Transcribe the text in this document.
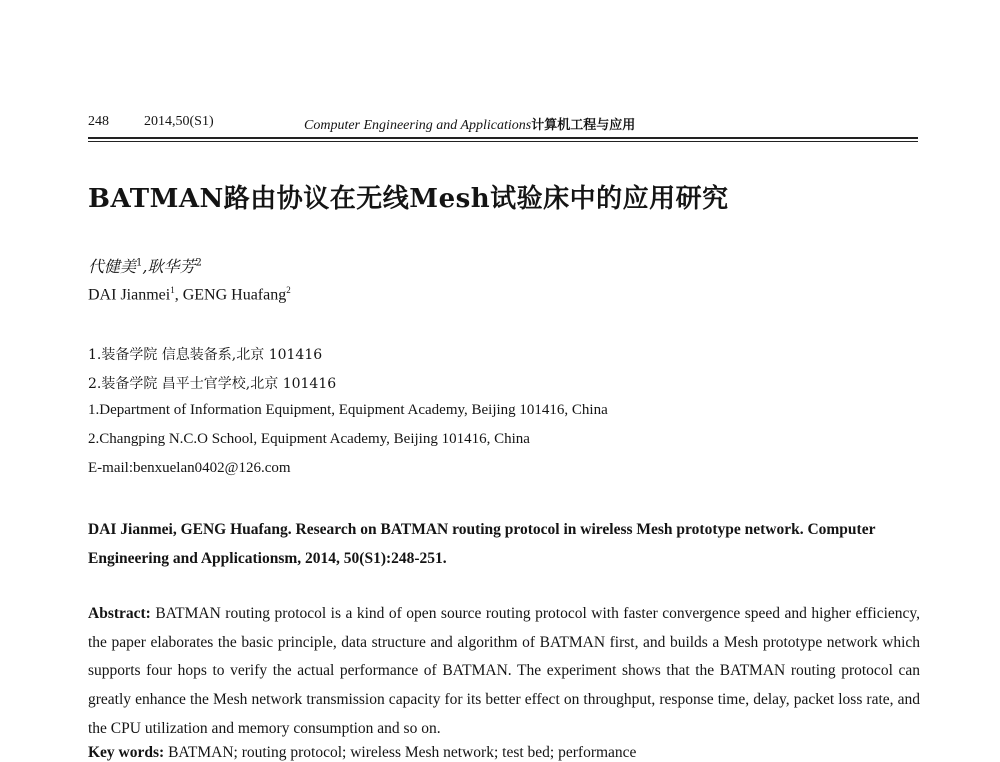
248	2014,50(S1)	Computer Engineering and Applications计算机工程与应用
BATMAN路由协议在无线Mesh试验床中的应用研究
代健美$^1$,耿华芳$^2$
DAI Jianmei$^1$, GENG Huafang$^2$
1.装备学院 信息装备系,北京 101416
2.装备学院 昌平士官学校,北京 101416
1.Department of Information Equipment, Equipment Academy, Beijing 101416, China
2.Changping N.C.O School, Equipment Academy, Beijing 101416, China
E-mail:benxuelan0402@126.com
DAI Jianmei, GENG Huafang. Research on BATMAN routing protocol in wireless Mesh prototype network. Computer Engineering and Applicationsm, 2014, 50(S1):248-251.
Abstract: BATMAN routing protocol is a kind of open source routing protocol with faster convergence speed and higher efficiency, the paper elaborates the basic principle, data structure and algorithm of BATMAN first, and builds a Mesh prototype network which supports four hops to verify the actual performance of BATMAN. The experiment shows that the BATMAN routing protocol can greatly enhance the Mesh network transmission capacity for its better effect on throughput, response time, delay, packet loss rate, and the CPU utilization and memory consumption and so on.
Key words: BATMAN; routing protocol; wireless Mesh network; test bed; performance
